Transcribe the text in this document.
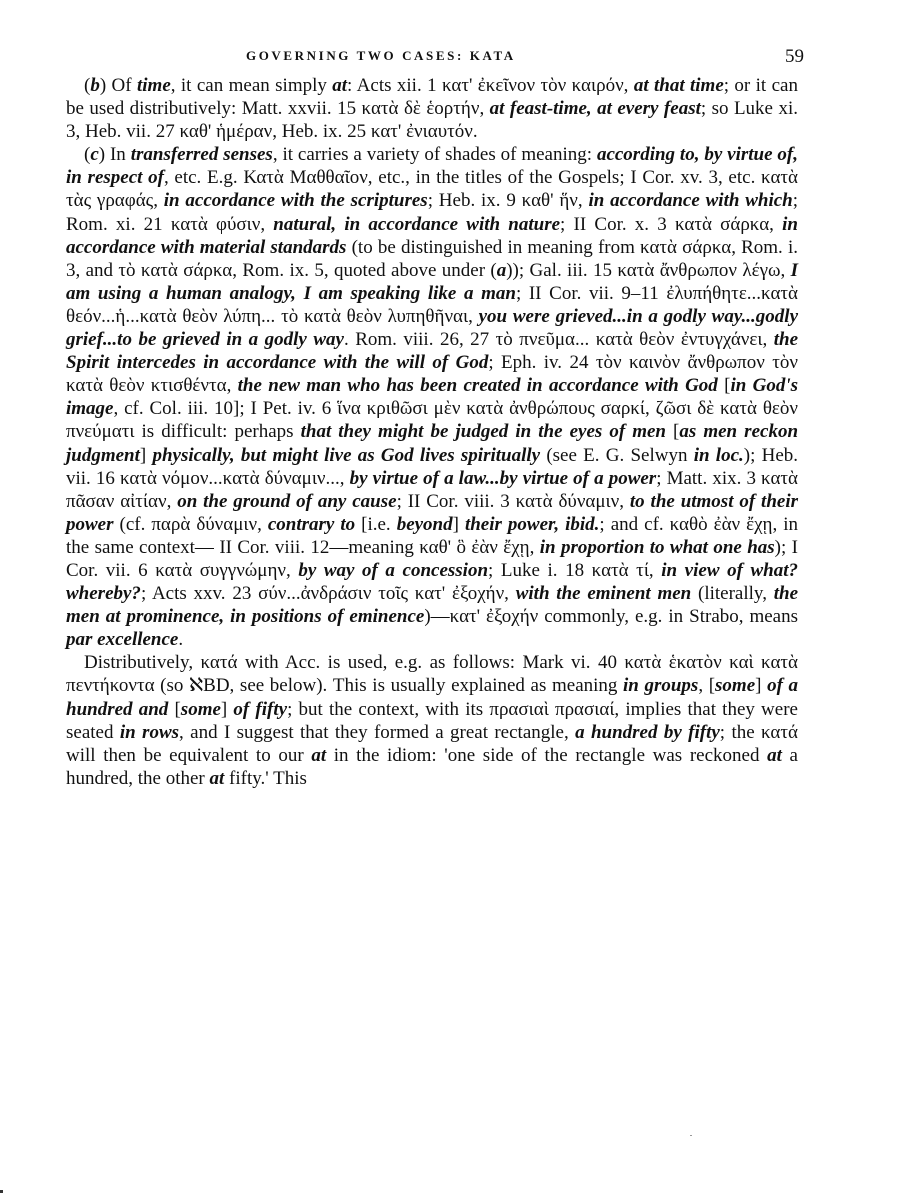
GOVERNING TWO CASES: KATA	59

(b) Of time, it can mean simply at: Acts xii. 1 κατ' ἐκεῖνον τὸν καιρόν, at that time; or it can be used distributively: Matt. xxvii. 15 κατὰ δὲ ἑορτήν, at feast-time, at every feast; so Luke xi. 3, Heb. vii. 27 καθ' ἡμέραν, Heb. ix. 25 κατ' ἐνιαυτόν.

(c) In transferred senses, it carries a variety of shades of meaning: according to, by virtue of, in respect of, etc. E.g. Κατὰ Μαθθαῖον, etc., in the titles of the Gospels; I Cor. xv. 3, etc. κατὰ τὰς γραφάς, in accordance with the scriptures; Heb. ix. 9 καθ' ἥν, in accordance with which; Rom. xi. 21 κατὰ φύσιν, natural, in accordance with nature; II Cor. x. 3 κατὰ σάρκα, in accordance with material standards (to be distinguished in meaning from κατὰ σάρκα, Rom. i. 3, and τὸ κατὰ σάρκα, Rom. ix. 5, quoted above under (a)); Gal. iii. 15 κατὰ ἄνθρωπον λέγω, I am using a human analogy, I am speaking like a man; II Cor. vii. 9–11 ἐλυπήθητε...κατὰ θεόν...ἡ...κατὰ θεὸν λύπη... τὸ κατὰ θεὸν λυπηθῆναι, you were grieved...in a godly way...godly grief...to be grieved in a godly way. Rom. viii. 26, 27 τὸ πνεῦμα... κατὰ θεὸν ἐντυγχάνει, the Spirit intercedes in accordance with the will of God; Eph. iv. 24 τὸν καινὸν ἄνθρωπον τὸν κατὰ θεὸν κτισθέντα, the new man who has been created in accordance with God [in God's image, cf. Col. iii. 10]; I Pet. iv. 6 ἵνα κριθῶσι μὲν κατὰ ἀνθρώπους σαρκί, ζῶσι δὲ κατὰ θεὸν πνεύματι is difficult: perhaps that they might be judged in the eyes of men [as men reckon judgment] physically, but might live as God lives spiritually (see E. G. Selwyn in loc.); Heb. vii. 16 κατὰ νόμον...κατὰ δύναμιν..., by virtue of a law...by virtue of a power; Matt. xix. 3 κατὰ πᾶσαν αἰτίαν, on the ground of any cause; II Cor. viii. 3 κατὰ δύναμιν, to the utmost of their power (cf. παρὰ δύναμιν, contrary to [i.e. beyond] their power, ibid.; and cf. καθὸ ἐὰν ἔχῃ, in the same context— II Cor. viii. 12—meaning καθ' ὃ ἐὰν ἔχῃ, in proportion to what one has); I Cor. vii. 6 κατὰ συγγνώμην, by way of a concession; Luke i. 18 κατὰ τί, in view of what? whereby?; Acts xxv. 23 σύν...ἀνδράσιν τοῖς κατ' ἐξοχήν, with the eminent men (literally, the men at prominence, in positions of eminence)—κατ' ἐξοχήν commonly, e.g. in Strabo, means par excellence.

Distributively, κατά with Acc. is used, e.g. as follows: Mark vi. 40 κατὰ ἑκατὸν καὶ κατὰ πεντήκοντα (so ℵBD, see below). This is usually explained as meaning in groups, [some] of a hundred and [some] of fifty; but the context, with its πρασιαὶ πρασιαί, implies that they were seated in rows, and I suggest that they formed a great rectangle, a hundred by fifty; the κατά will then be equivalent to our at in the idiom: 'one side of the rectangle was reckoned at a hundred, the other at fifty.' This
